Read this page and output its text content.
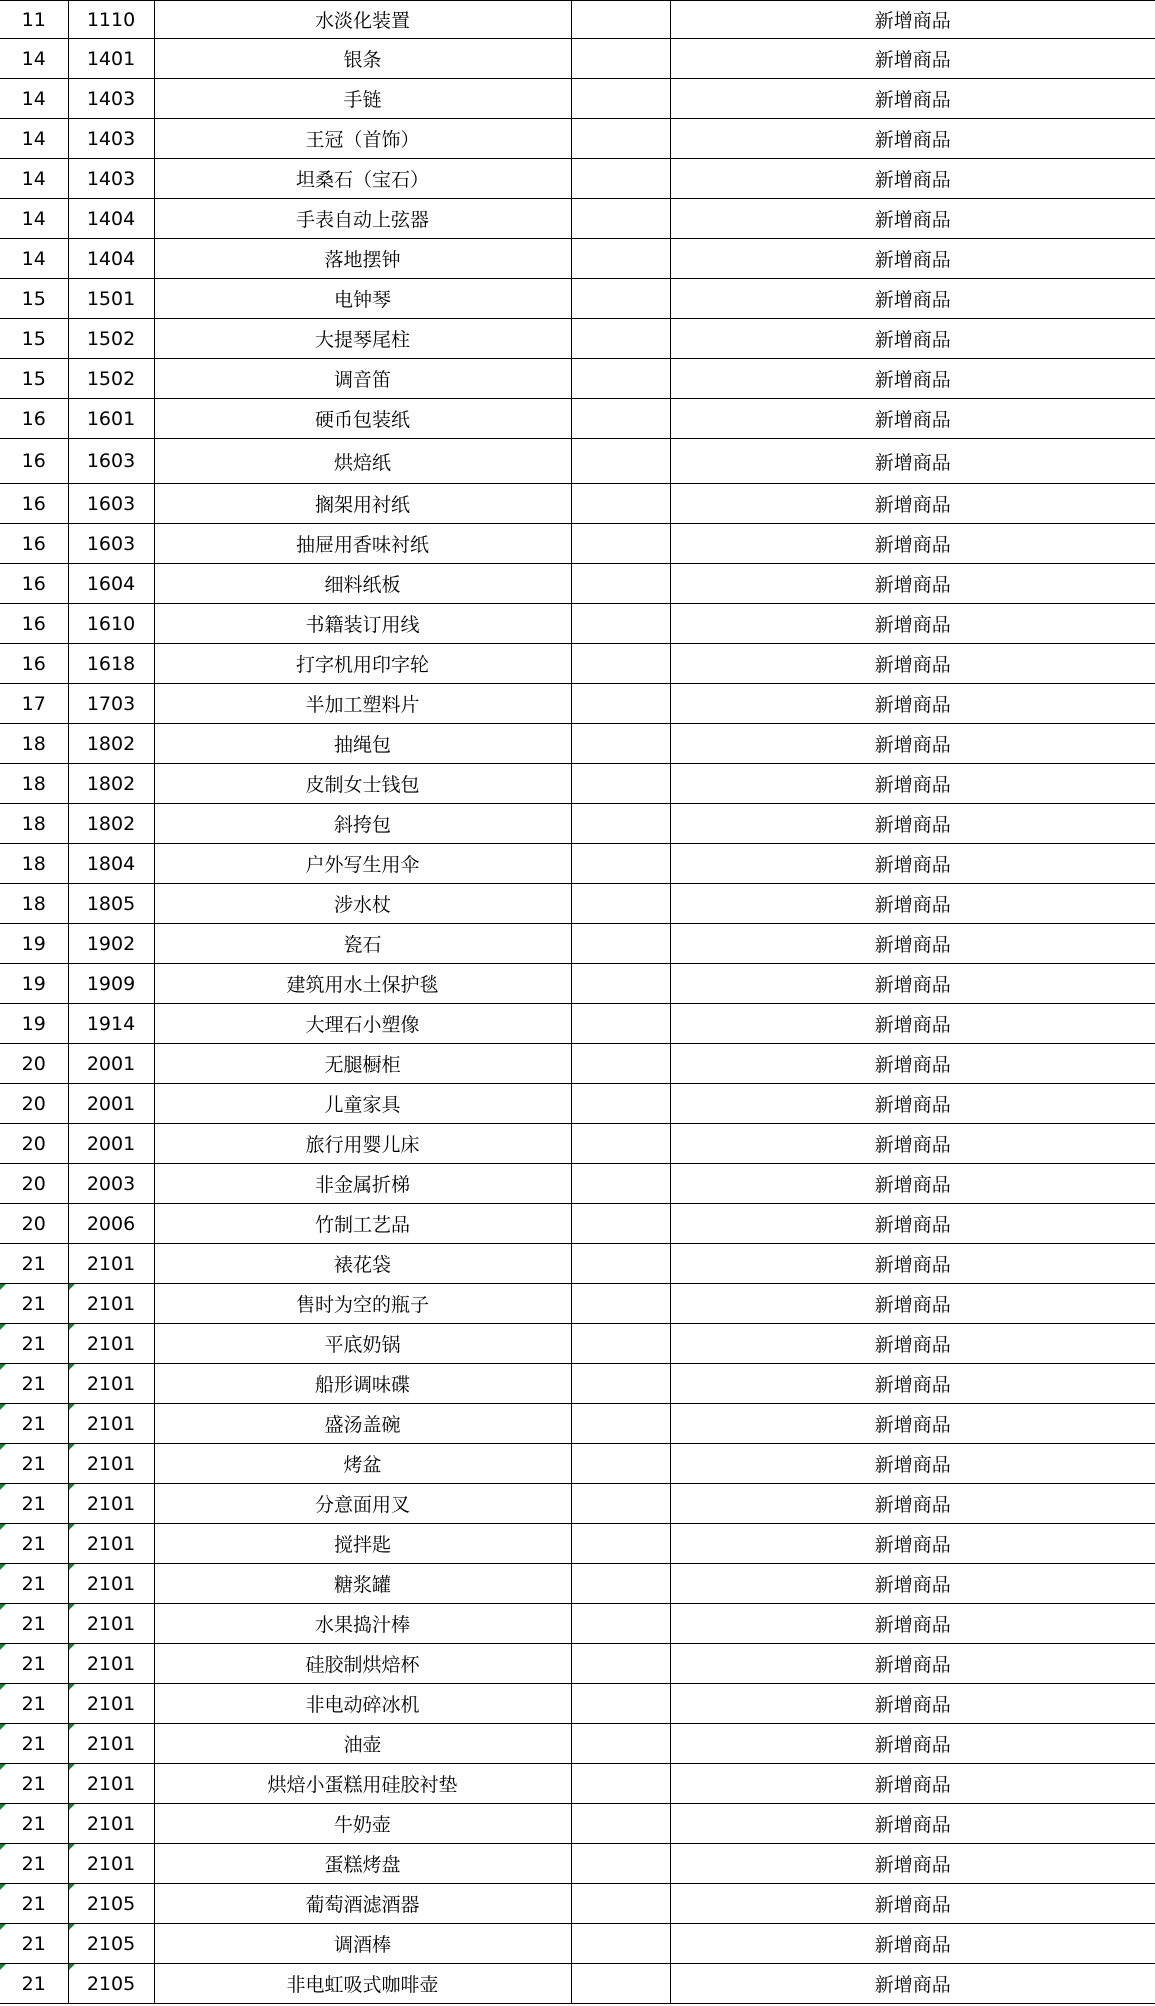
11	1110	水淡化装置		新增商品
14	1401	银条		新增商品
14	1403	手链		新增商品
14	1403	王冠（首饰）		新增商品
14	1403	坦桑石（宝石）		新增商品
14	1404	手表自动上弦器		新增商品
14	1404	落地摆钟		新增商品
15	1501	电钟琴		新增商品
15	1502	大提琴尾柱		新增商品
15	1502	调音笛		新增商品
16	1601	硬币包装纸		新增商品
16	1603	烘焙纸		新增商品
16	1603	搁架用衬纸		新增商品
16	1603	抽屉用香味衬纸		新增商品
16	1604	细料纸板		新增商品
16	1610	书籍装订用线		新增商品
16	1618	打字机用印字轮		新增商品
17	1703	半加工塑料片		新增商品
18	1802	抽绳包		新增商品
18	1802	皮制女士钱包		新增商品
18	1802	斜挎包		新增商品
18	1804	户外写生用伞		新增商品
18	1805	涉水杖		新增商品
19	1902	瓷石		新增商品
19	1909	建筑用水土保护毯		新增商品
19	1914	大理石小塑像		新增商品
20	2001	无腿橱柜		新增商品
20	2001	儿童家具		新增商品
20	2001	旅行用婴儿床		新增商品
20	2003	非金属折梯		新增商品
20	2006	竹制工艺品		新增商品
21	2101	裱花袋		新增商品
21	2101	售时为空的瓶子		新增商品
21	2101	平底奶锅		新增商品
21	2101	船形调味碟		新增商品
21	2101	盛汤盖碗		新增商品
21	2101	烤盆		新增商品
21	2101	分意面用叉		新增商品
21	2101	搅拌匙		新增商品
21	2101	糖浆罐		新增商品
21	2101	水果捣汁棒		新增商品
21	2101	硅胶制烘焙杯		新增商品
21	2101	非电动碎冰机		新增商品
21	2101	油壶		新增商品
21	2101	烘焙小蛋糕用硅胶衬垫		新增商品
21	2101	牛奶壶		新增商品
21	2101	蛋糕烤盘		新增商品
21	2105	葡萄酒滤酒器		新增商品
21	2105	调酒棒		新增商品
21	2105	非电虹吸式咖啡壶		新增商品
